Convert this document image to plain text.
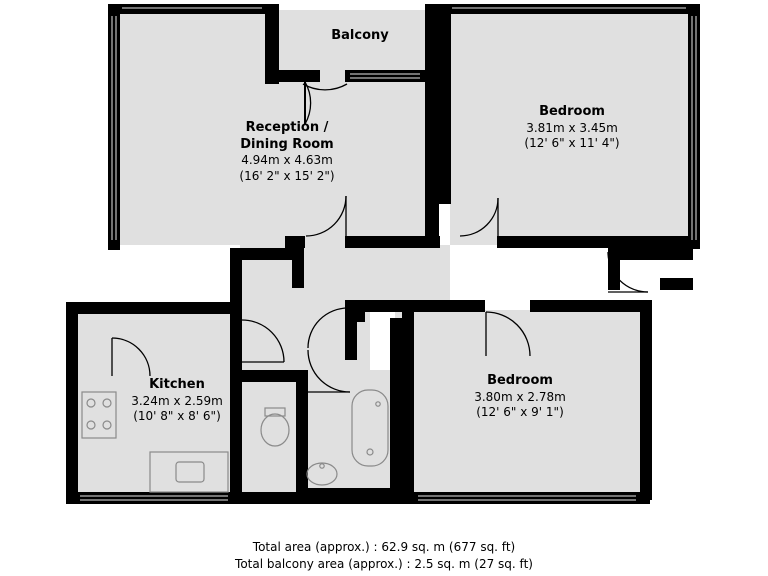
Balcony
Reception /
Dining Room
4.94m x 4.63m
(16' 2" x 15' 2")
Bedroom
3.81m x 3.45m
(12' 6" x 11' 4")
Kitchen
3.24m x 2.59m
(10' 8" x 8' 6")
Bedroom
3.80m x 2.78m
(12' 6" x 9' 1")
Total area (approx.) : 62.9 sq. m (677 sq. ft)
Total balcony area (approx.) : 2.5 sq. m (27 sq. ft)
